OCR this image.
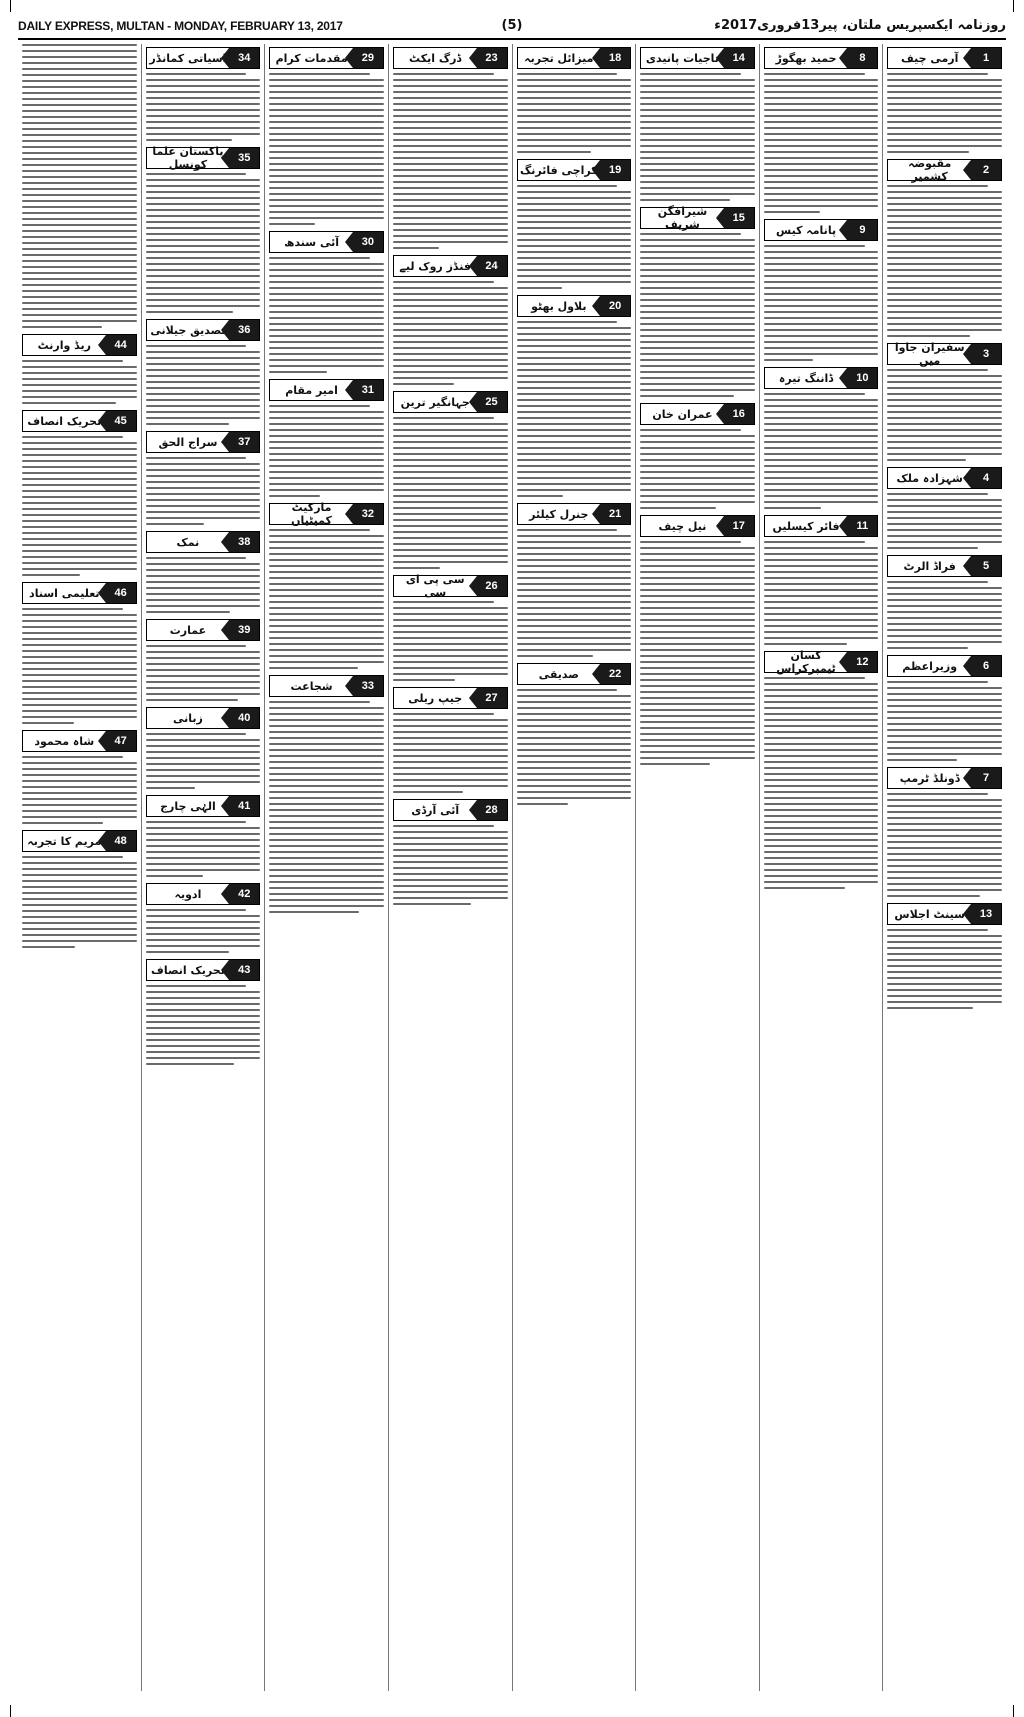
DAILY EXPRESS, MULTAN - MONDAY, FEBRUARY 13, 2017	(5)	روزنامہ ایکسپریس ملتان، پیر13فروری2017ء
1
آرمی چیف
2
مقبوضہ کشمیر
3
سفیران جاوا میں
4
شہزادہ ملک
5
فراڈ الرٹ
6
وزیراعظم
7
ڈونلڈ ٹرمپ
13
سینٹ اجلاس
8
حمید بھگوڑ
9
پانامہ کیس
10
ڈاننگ تیرہ
11
فائر کیسلیں
12
کسان ٹیمپرکراس
14
تاجیات پانیدی
15
شیرافگن شریف
16
عمران خان
17
نیل چیف
18
میزائل تجربہ
19
کراچی فائرنگ
20
بلاول بھٹو
21
جنرل کیلئر
22
صدیقی
23
ڈرگ ایکٹ
24
فنڈز روک لیے
25
جہانگیر ترین
26
سی پی ای سی
27
جیپ ریلی
28
آئی آرڈی
29
مقدمات کرام
30
آئی سندھ
31
امیر مقام
32
مارکیٹ کمیٹیاں
33
شجاعت
34
اسیاتی کمانڈر
35
پاکستان علما کونسل
36
تصدیق جیلانی
37
سراج الحق
38
نمک
39
عمارت
40
زبانی
41
الہٰی چارج
42
ادویہ
43
تحریک انصاف
44
ریڈ وارنٹ
45
تحریک انصاف
46
تعلیمی اسناد
47
شاہ محمود
48
مریم کا تجربہ
